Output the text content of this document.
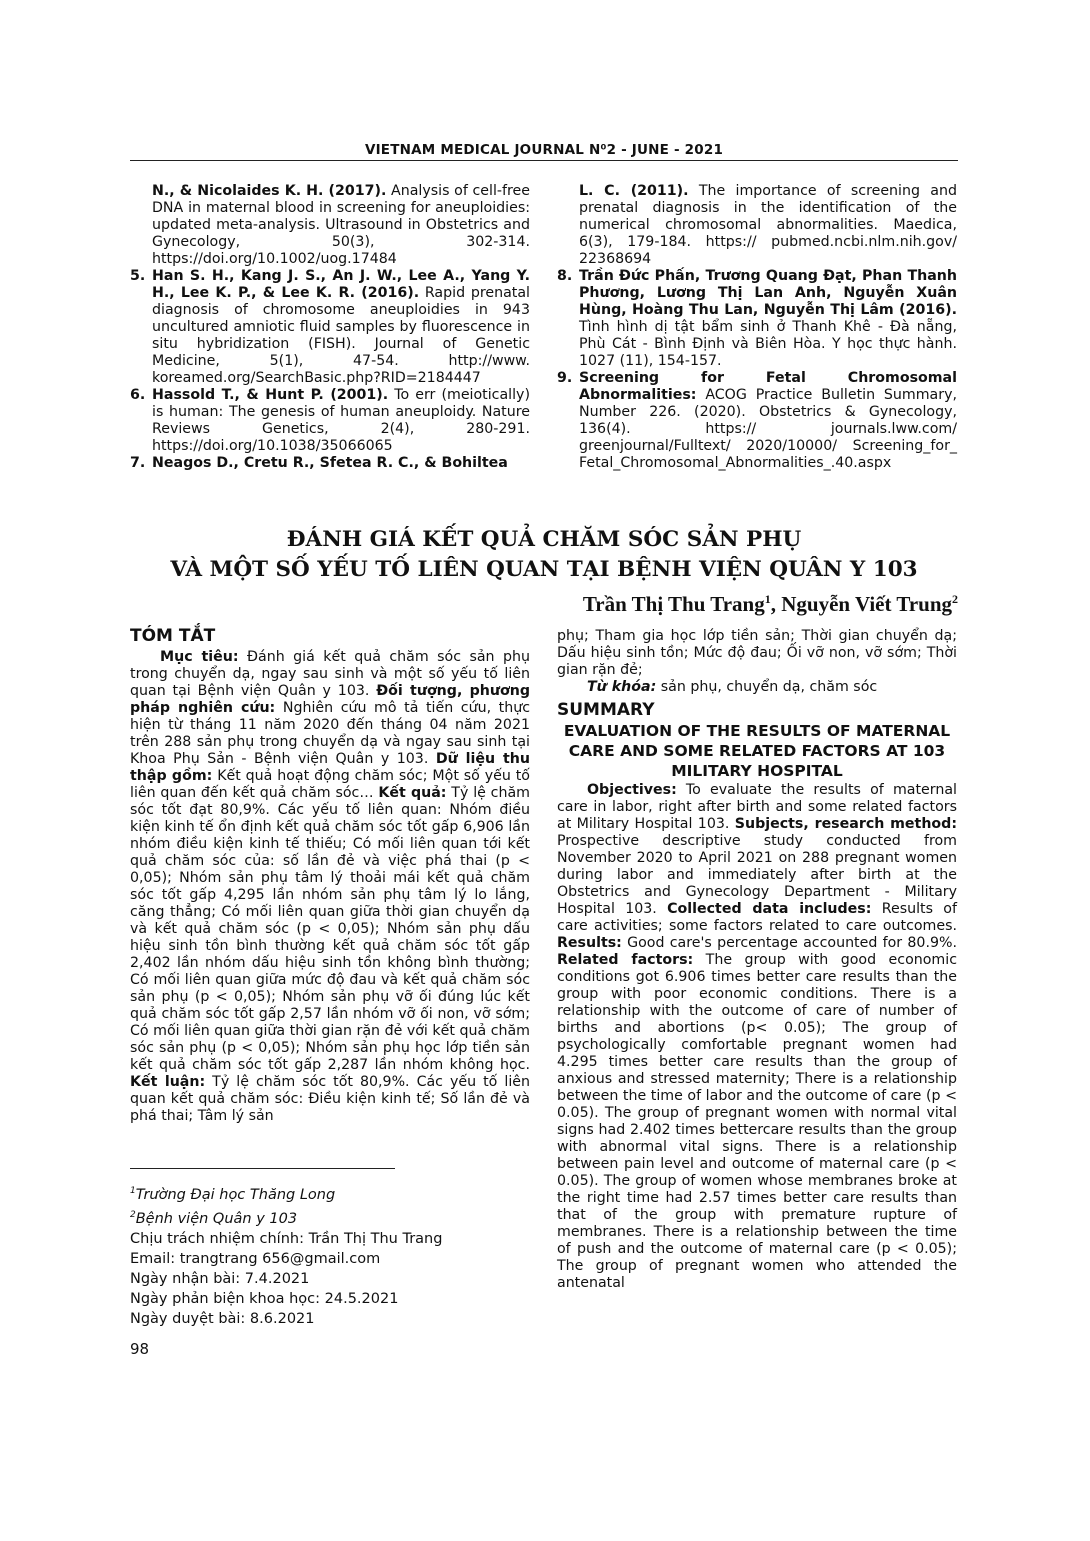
VIETNAM MEDICAL JOURNAL N⁰2 - JUNE - 2021
N., & Nicolaides K. H. (2017). Analysis of cell-free DNA in maternal blood in screening for aneuploidies: updated meta-analysis. Ultrasound in Obstetrics and Gynecology, 50(3), 302-314. https://doi.org/10.1002/uog.17484
5. Han S. H., Kang J. S., An J. W., Lee A., Yang Y. H., Lee K. P., & Lee K. R. (2016). Rapid prenatal diagnosis of chromosome aneuploidies in 943 uncultured amniotic fluid samples by fluorescence in situ hybridization (FISH). Journal of Genetic Medicine, 5(1), 47-54. http://www. koreamed.org/SearchBasic.php?RID=2184447
6. Hassold T., & Hunt P. (2001). To err (meiotically) is human: The genesis of human aneuploidy. Nature Reviews Genetics, 2(4), 280-291. https://doi.org/10.1038/35066065
7. Neagos D., Cretu R., Sfetea R. C., & Bohiltea
L. C. (2011). The importance of screening and prenatal diagnosis in the identification of the numerical chromosomal abnormalities. Maedica, 6(3), 179-184. https:// pubmed.ncbi.nlm.nih.gov/ 22368694
8. Trần Đức Phấn, Trương Quang Đạt, Phan Thanh Phương, Lương Thị Lan Anh, Nguyễn Xuân Hùng, Hoàng Thu Lan, Nguyễn Thị Lâm (2016). Tình hình dị tật bẩm sinh ở Thanh Khê - Đà nẵng, Phù Cát - Bình Định và Biên Hòa. Y học thực hành. 1027 (11), 154-157.
9. Screening for Fetal Chromosomal Abnormalities: ACOG Practice Bulletin Summary, Number 226. (2020). Obstetrics & Gynecology, 136(4). https:// journals.lww.com/ greenjournal/Fulltext/ 2020/10000/ Screening_for_ Fetal_Chromosomal_Abnormalities_.40.aspx
ĐÁNH GIÁ KẾT QUẢ CHĂM SÓC SẢN PHỤ
VÀ MỘT SỐ YẾU TỐ LIÊN QUAN TẠI BỆNH VIỆN QUÂN Y 103
Trần Thị Thu Trang$^1$, Nguyễn Viết Trung$^2$
TÓM TẮT

Mục tiêu: Đánh giá kết quả chăm sóc sản phụ trong chuyển dạ, ngay sau sinh và một số yếu tố liên quan tại Bệnh viện Quân y 103. Đối tượng, phương pháp nghiên cứu: Nghiên cứu mô tả tiến cứu, thực hiện từ tháng 11 năm 2020 đến tháng 04 năm 2021 trên 288 sản phụ trong chuyển dạ và ngay sau sinh tại Khoa Phụ Sản - Bệnh viện Quân y 103. Dữ liệu thu thập gồm: Kết quả hoạt động chăm sóc; Một số yếu tố liên quan đến kết quả chăm sóc… Kết quả: Tỷ lệ chăm sóc tốt đạt 80,9%. Các yếu tố liên quan: Nhóm điều kiện kinh tế ổn định kết quả chăm sóc tốt gấp 6,906 lần nhóm điều kiện kinh tế thiếu; Có mối liên quan tới kết quả chăm sóc của: số lần đẻ và việc phá thai (p < 0,05); Nhóm sản phụ tâm lý thoải mái kết quả chăm sóc tốt gấp 4,295 lần nhóm sản phụ tâm lý lo lắng, căng thẳng; Có mối liên quan giữa thời gian chuyển dạ và kết quả chăm sóc (p < 0,05); Nhóm sản phụ dấu hiệu sinh tồn bình thường kết quả chăm sóc tốt gấp 2,402 lần nhóm dấu hiệu sinh tồn không bình thường; Có mối liên quan giữa mức độ đau và kết quả chăm sóc sản phụ (p < 0,05); Nhóm sản phụ vỡ ối đúng lúc kết quả chăm sóc tốt gấp 2,57 lần nhóm vỡ ối non, vỡ sớm; Có mối liên quan giữa thời gian rặn đẻ với kết quả chăm sóc sản phụ (p < 0,05); Nhóm sản phụ học lớp tiền sản kết quả chăm sóc tốt gấp 2,287 lần nhóm không học. Kết luận: Tỷ lệ chăm sóc tốt 80,9%. Các yếu tố liên quan kết quả chăm sóc: Điều kiện kinh tế; Số lần đẻ và phá thai; Tâm lý sản

phụ; Tham gia học lớp tiền sản; Thời gian chuyển dạ; Dấu hiệu sinh tồn; Mức độ đau; Ối vỡ non, vỡ sớm; Thời gian rặn đẻ;

Từ khóa: sản phụ, chuyển dạ, chăm sóc

SUMMARY
EVALUATION OF THE RESULTS OF MATERNAL CARE AND SOME RELATED FACTORS AT 103 MILITARY HOSPITAL

Objectives: To evaluate the results of maternal care in labor, right after birth and some related factors at Military Hospital 103. Subjects, research method: Prospective descriptive study conducted from November 2020 to April 2021 on 288 pregnant women during labor and immediately after birth at the Obstetrics and Gynecology Department - Military Hospital 103. Collected data includes: Results of care activities; some factors related to care outcomes. Results: Good care's percentage accounted for 80.9%. Related factors: The group with good economic conditions got 6.906 times better care results than the group with poor economic conditions. There is a relationship with the outcome of care of number of births and abortions (p< 0.05); The group of psychologically comfortable pregnant women had 4.295 times better care results than the group of anxious and stressed maternity; There is a relationship between the time of labor and the outcome of care (p < 0.05). The group of pregnant women with normal vital signs had 2.402 times bettercare results than the group with abnormal vital signs. There is a relationship between pain level and outcome of maternal care (p < 0.05). The group of women whose membranes broke at the right time had 2.57 times better care results than that of the group with premature rupture of membranes. There is a relationship between the time of push and the outcome of maternal care (p < 0.05); The group of pregnant women who attended the antenatal

$^1$Trường Đại học Thăng Long
$^2$Bệnh viện Quân y 103
Chịu trách nhiệm chính: Trần Thị Thu Trang
Email: trangtrang 656@gmail.com
Ngày nhận bài: 7.4.2021
Ngày phản biện khoa học: 24.5.2021
Ngày duyệt bài: 8.6.2021
98
